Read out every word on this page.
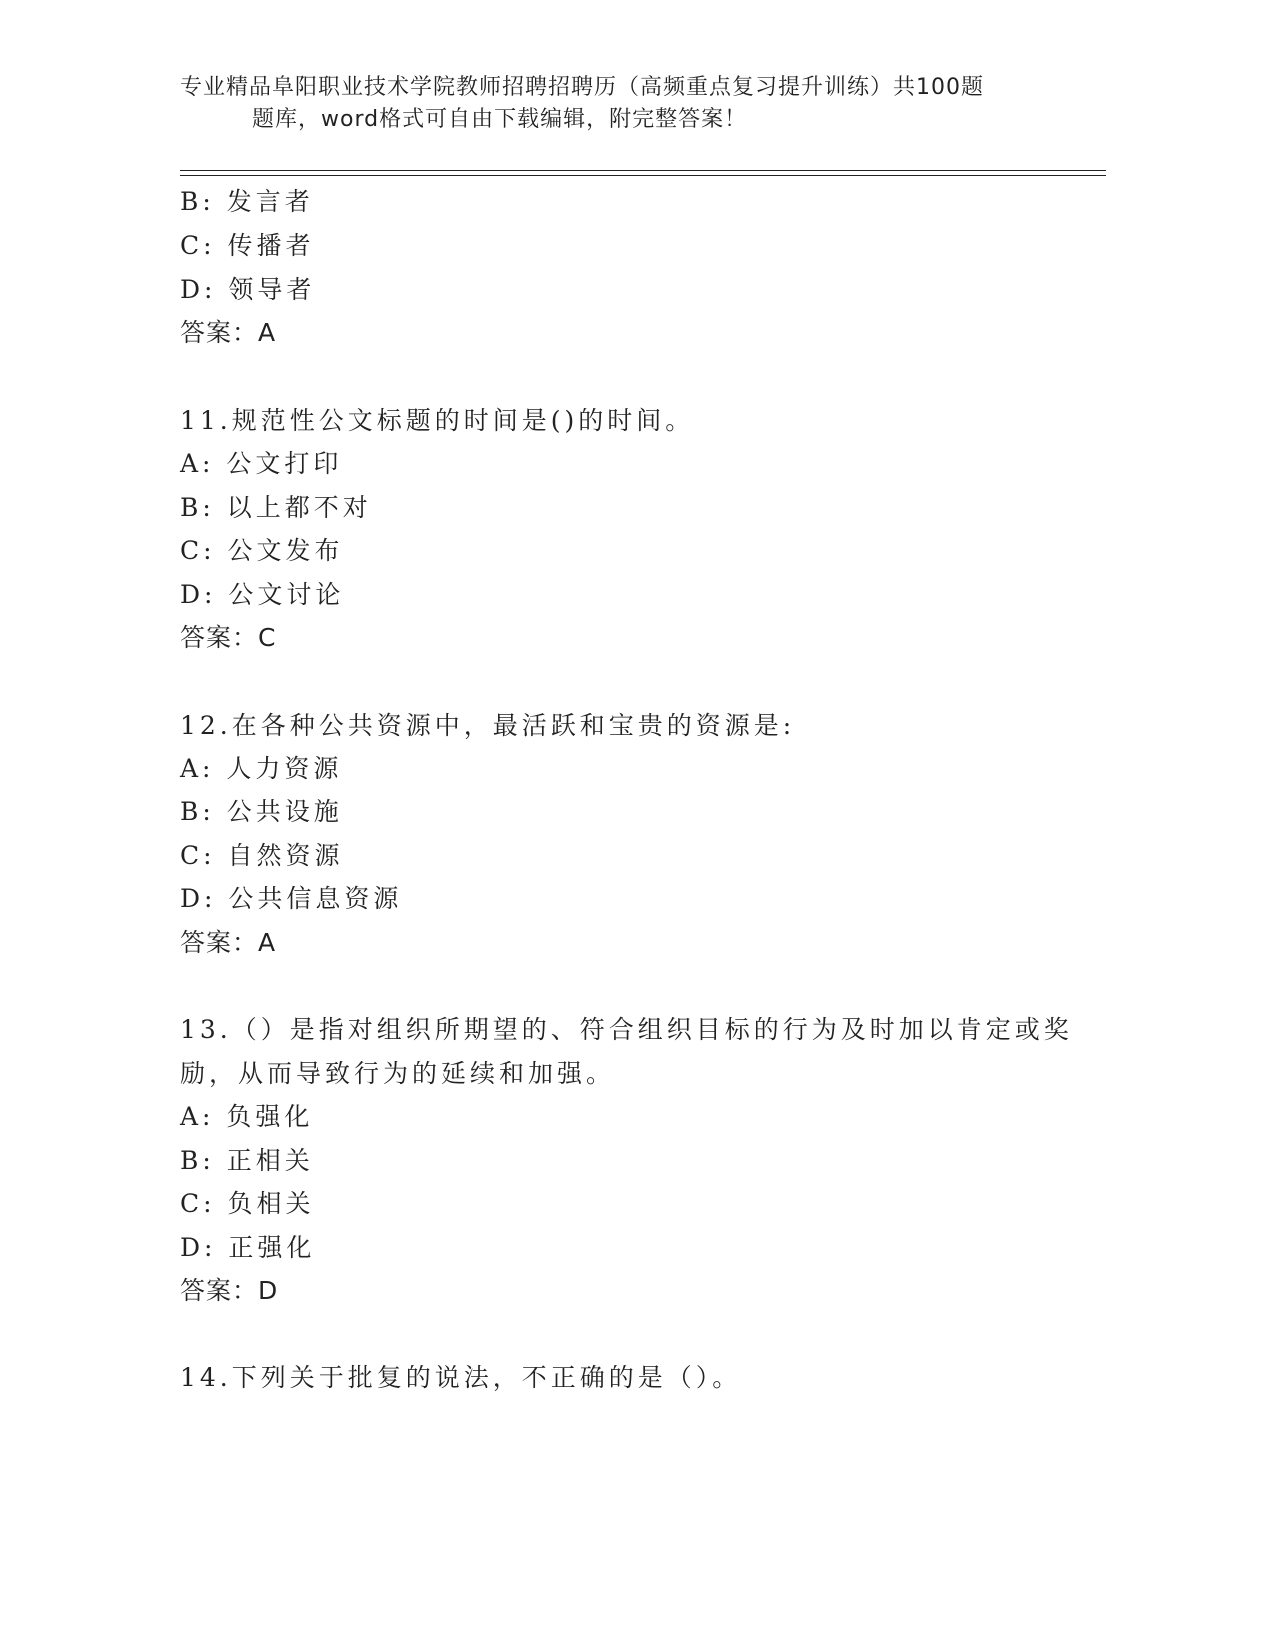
专业精品阜阳职业技术学院教师招聘招聘历（高频重点复习提升训练）共100题
题库，word格式可自由下载编辑，附完整答案！
B: 发言者
C: 传播者
D: 领导者
答案：A
11.规范性公文标题的时间是()的时间。
A: 公文打印
B: 以上都不对
C: 公文发布
D: 公文讨论
答案：C
12.在各种公共资源中，最活跃和宝贵的资源是:
A: 人力资源
B: 公共设施
C: 自然资源
D: 公共信息资源
答案：A
13.（）是指对组织所期望的、符合组织目标的行为及时加以肯定或奖
励，从而导致行为的延续和加强。
A: 负强化
B: 正相关
C: 负相关
D: 正强化
答案：D
14.下列关于批复的说法，不正确的是（）。
